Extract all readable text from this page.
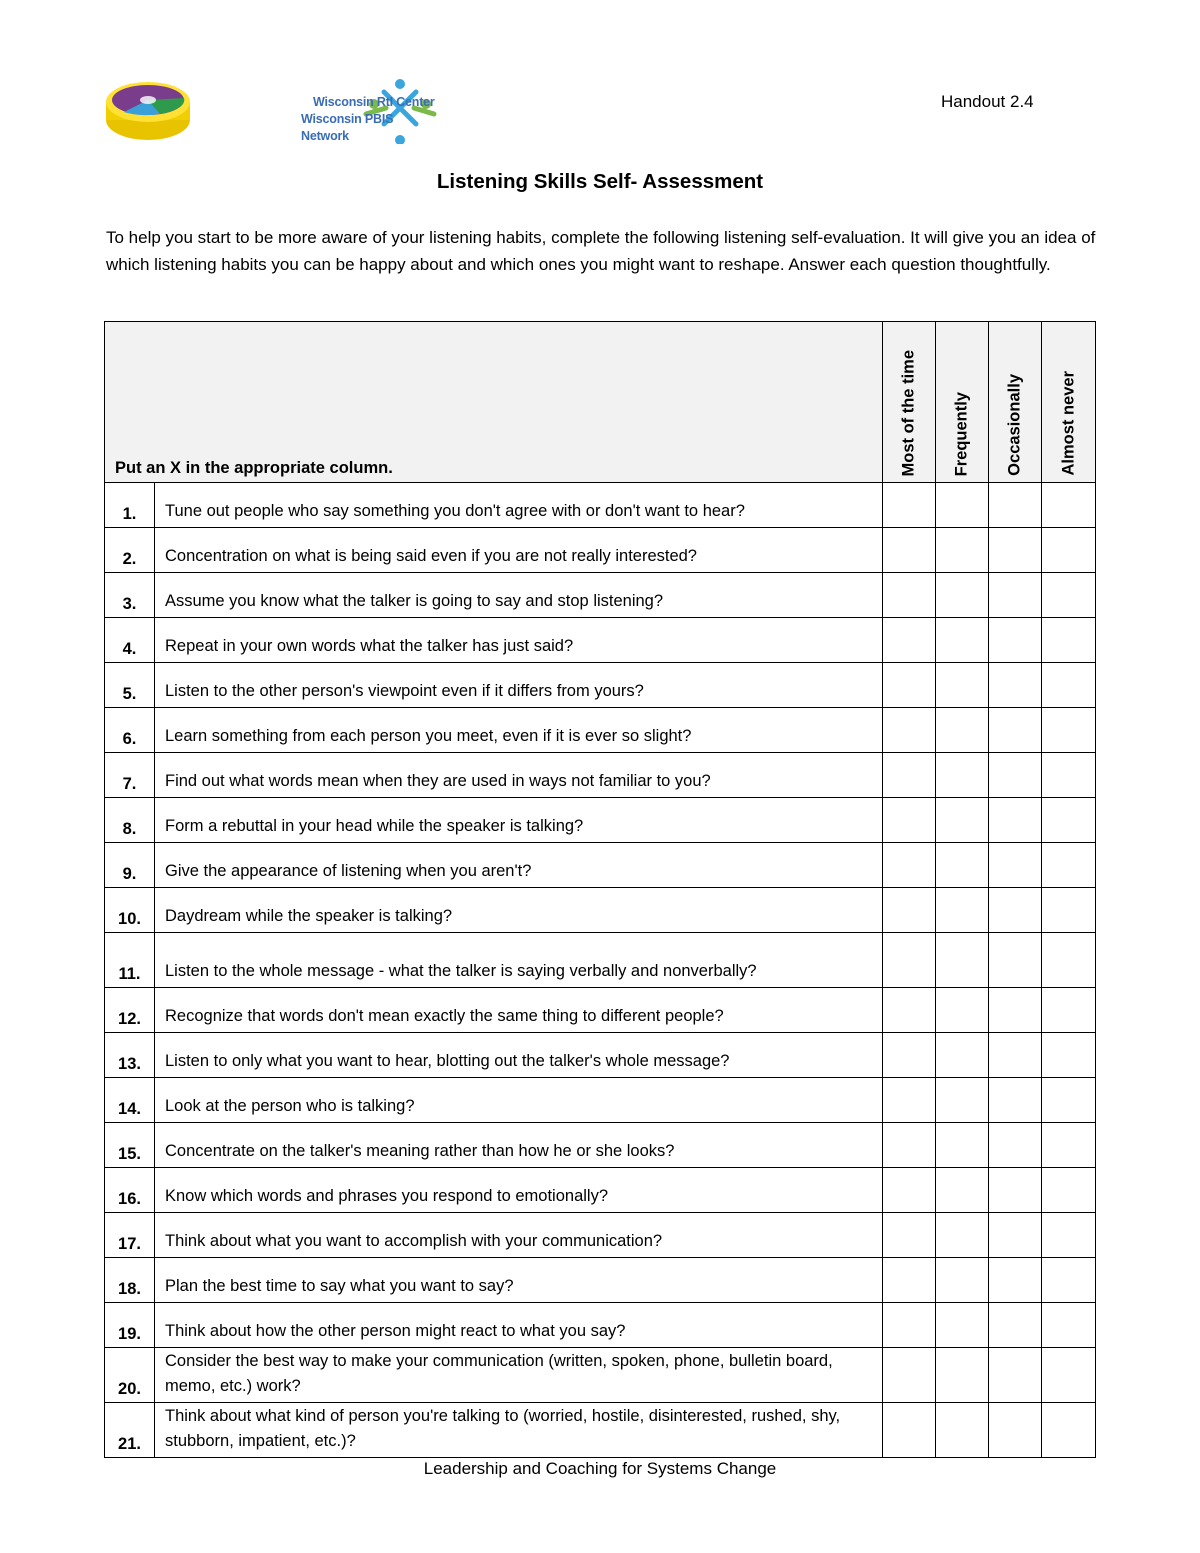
Wisconsin RtI Center
Wisconsin PBIS Network
Handout 2.4
Listening Skills Self- Assessment
To help you start to be more aware of your listening habits, complete the following listening self-evaluation. It will give you an idea of which listening habits you can be happy about and which ones you might want to reshape. Answer each question thoughtfully.
Put an X in the appropriate column.		Most of the time	Frequently	Occasionally	Almost never

1.	Tune out people who say something you don't agree with or don't want to hear?				
2.	Concentration on what is being said even if you are not really interested?				
3.	Assume you know what the talker is going to say and stop listening?				
4.	Repeat in your own words what the talker has just said?				
5.	Listen to the other person's viewpoint even if it differs from yours?				
6.	Learn something from each person you meet, even if it is ever so slight?				
7.	Find out what words mean when they are used in ways not familiar to you?				
8.	Form a rebuttal in your head while the speaker is talking?				
9.	Give the appearance of listening when you aren't?				
10.	Daydream while the speaker is talking?				
11.	Listen to the whole message - what the talker is saying verbally and nonverbally?				
12.	Recognize that words don't mean exactly the same thing to different people?				
13.	Listen to only what you want to hear, blotting out the talker's whole message?				
14.	Look at the person who is talking?				
15.	Concentrate on the talker's meaning rather than how he or she looks?				
16.	Know which words and phrases you respond to emotionally?				
17.	Think about what you want to accomplish with your communication?				
18.	Plan the best time to say what you want to say?				
19.	Think about how the other person might react to what you say?				
20.	Consider the best way to make your communication (written, spoken, phone, bulletin board, memo, etc.) work?				
21.	Think about what kind of person you're talking to (worried, hostile, disinterested, rushed, shy, stubborn, impatient, etc.)?				
Leadership and Coaching for Systems Change
